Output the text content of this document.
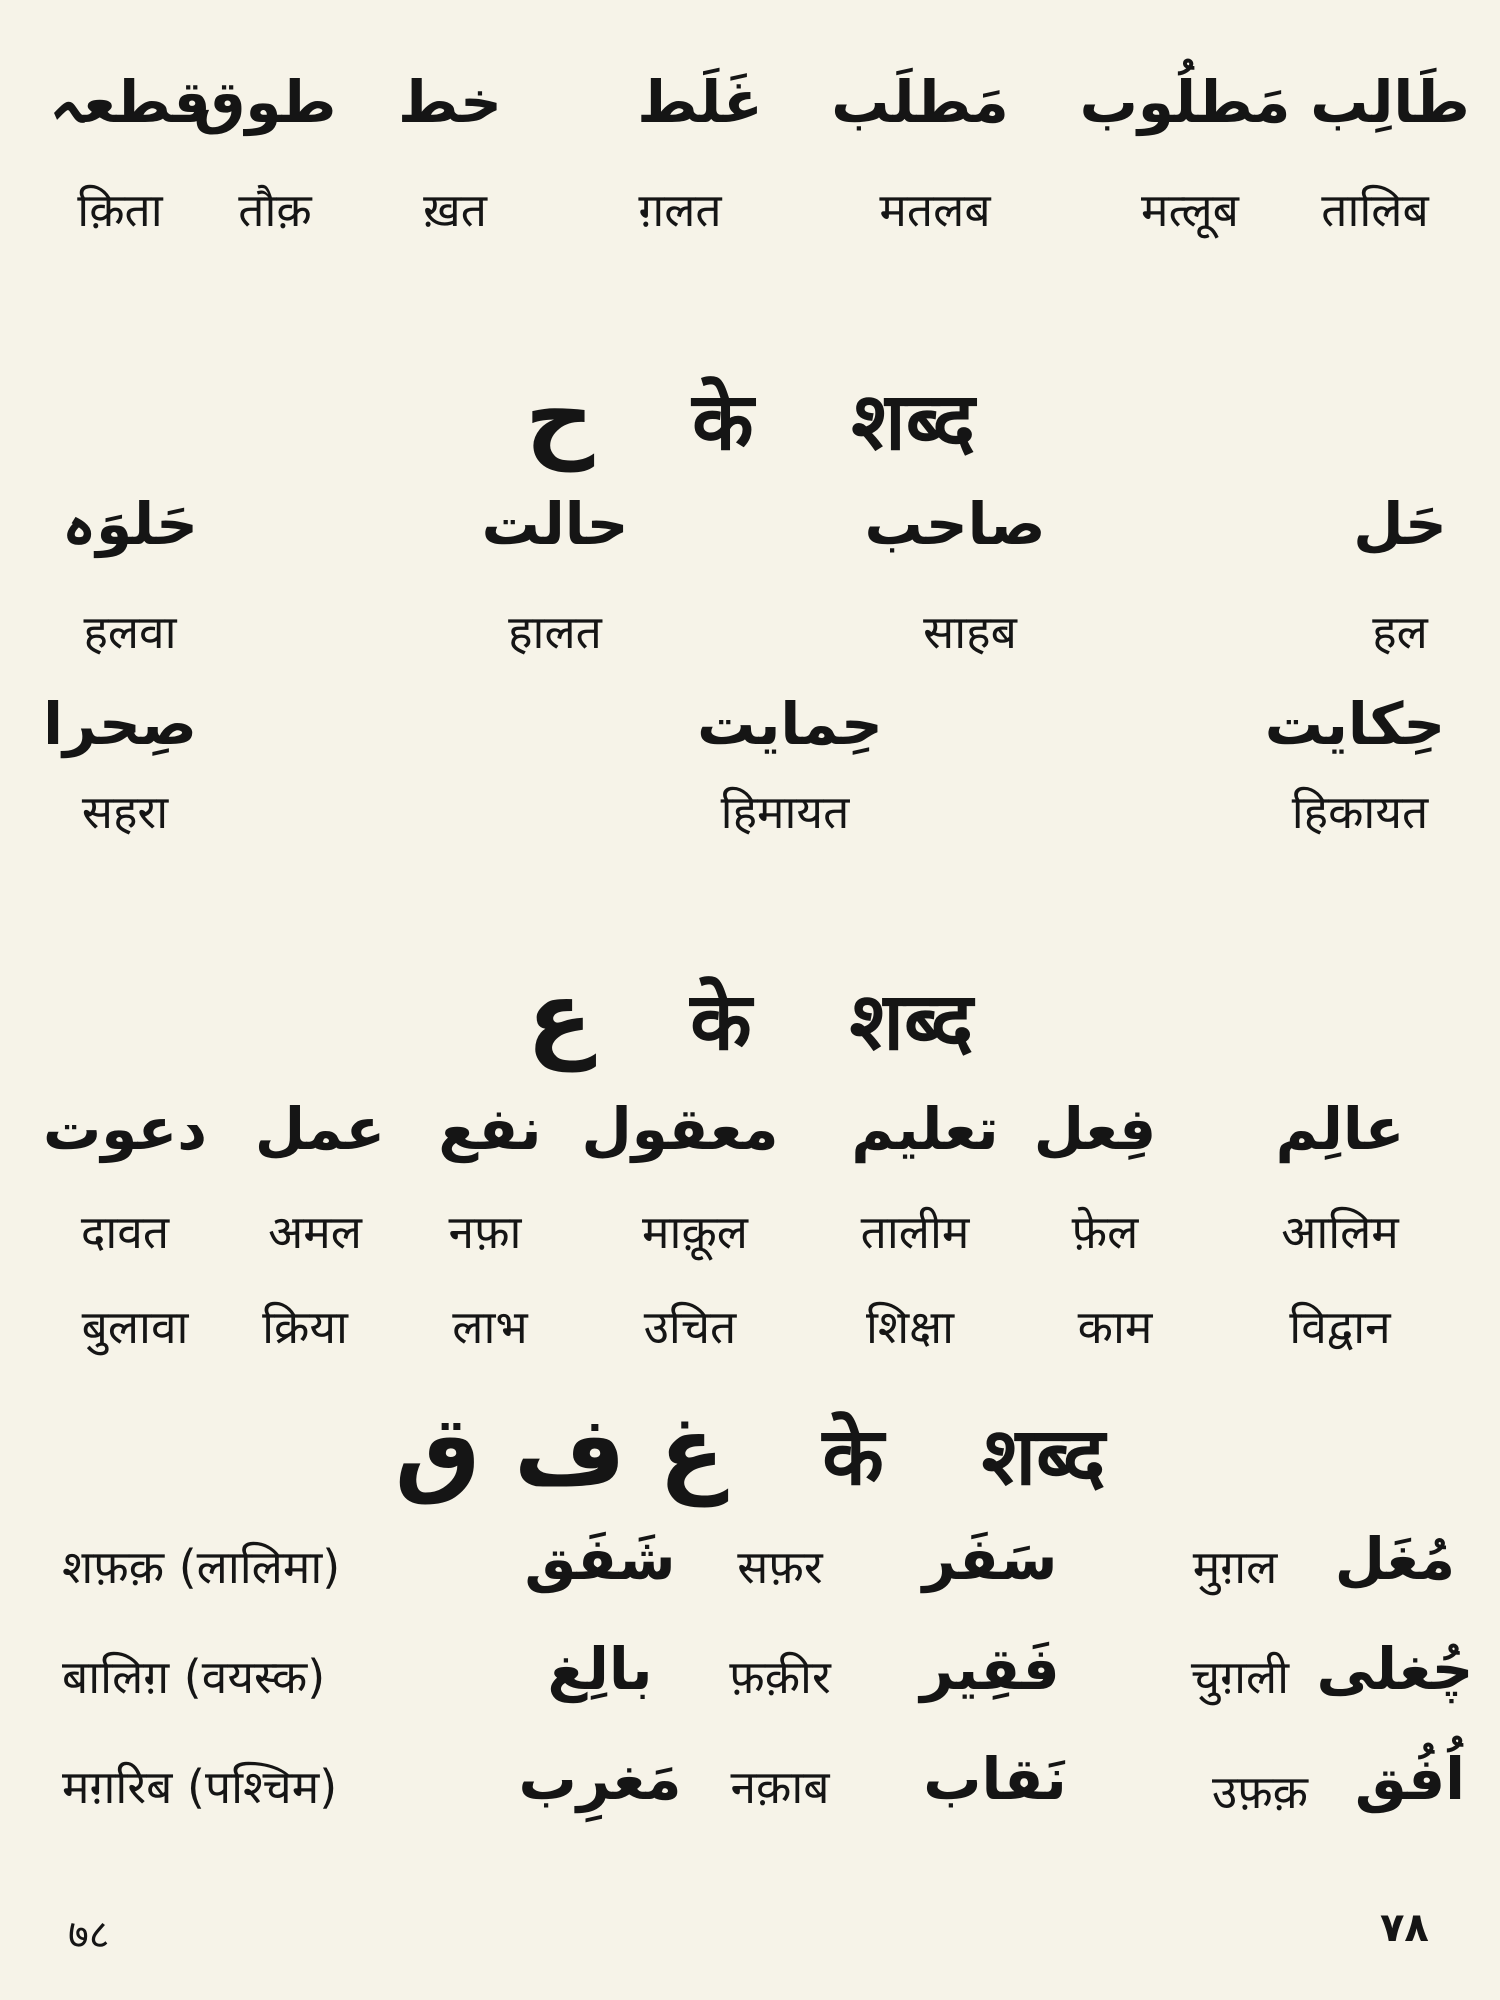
قطعہ
طوق خط غَلَط مَطلَب مَطلُوب طَالِب
क़िता तौक़ ख़त	ग़लत	मतलब	मत्लूब तालिब
ح के शब्द
حَلوَہ	حالت	صاحب	حَل
हलवा	हालत	साहब	हल
صِحرا	حِمایت	حِکایت
सहरा	हिमायत	हिकायत
ع के शब्द
دعوت عمل نفع معقول تعلیم فِعل عالِم
दावत अमल नफ़ा	माक़ूल तालीम फ़ेल	आलिम
बुलावा क्रिया लाभ	उचित	शिक्षा	काम	विद्वान
غ ف ق के शब्द
शफ़क़ (लालिमा)	شَفَق सफ़र سَفَر	मुग़ल مُغَل
बालिग़ (वयस्क)	بالِغ फ़क़ीर فَقِیر	चुग़ली چُغلی
मग़रिब (पश्चिम)	مَغرِب नक़ाब نَقاب	उफ़क़ اُفُق
७८	۷۸
